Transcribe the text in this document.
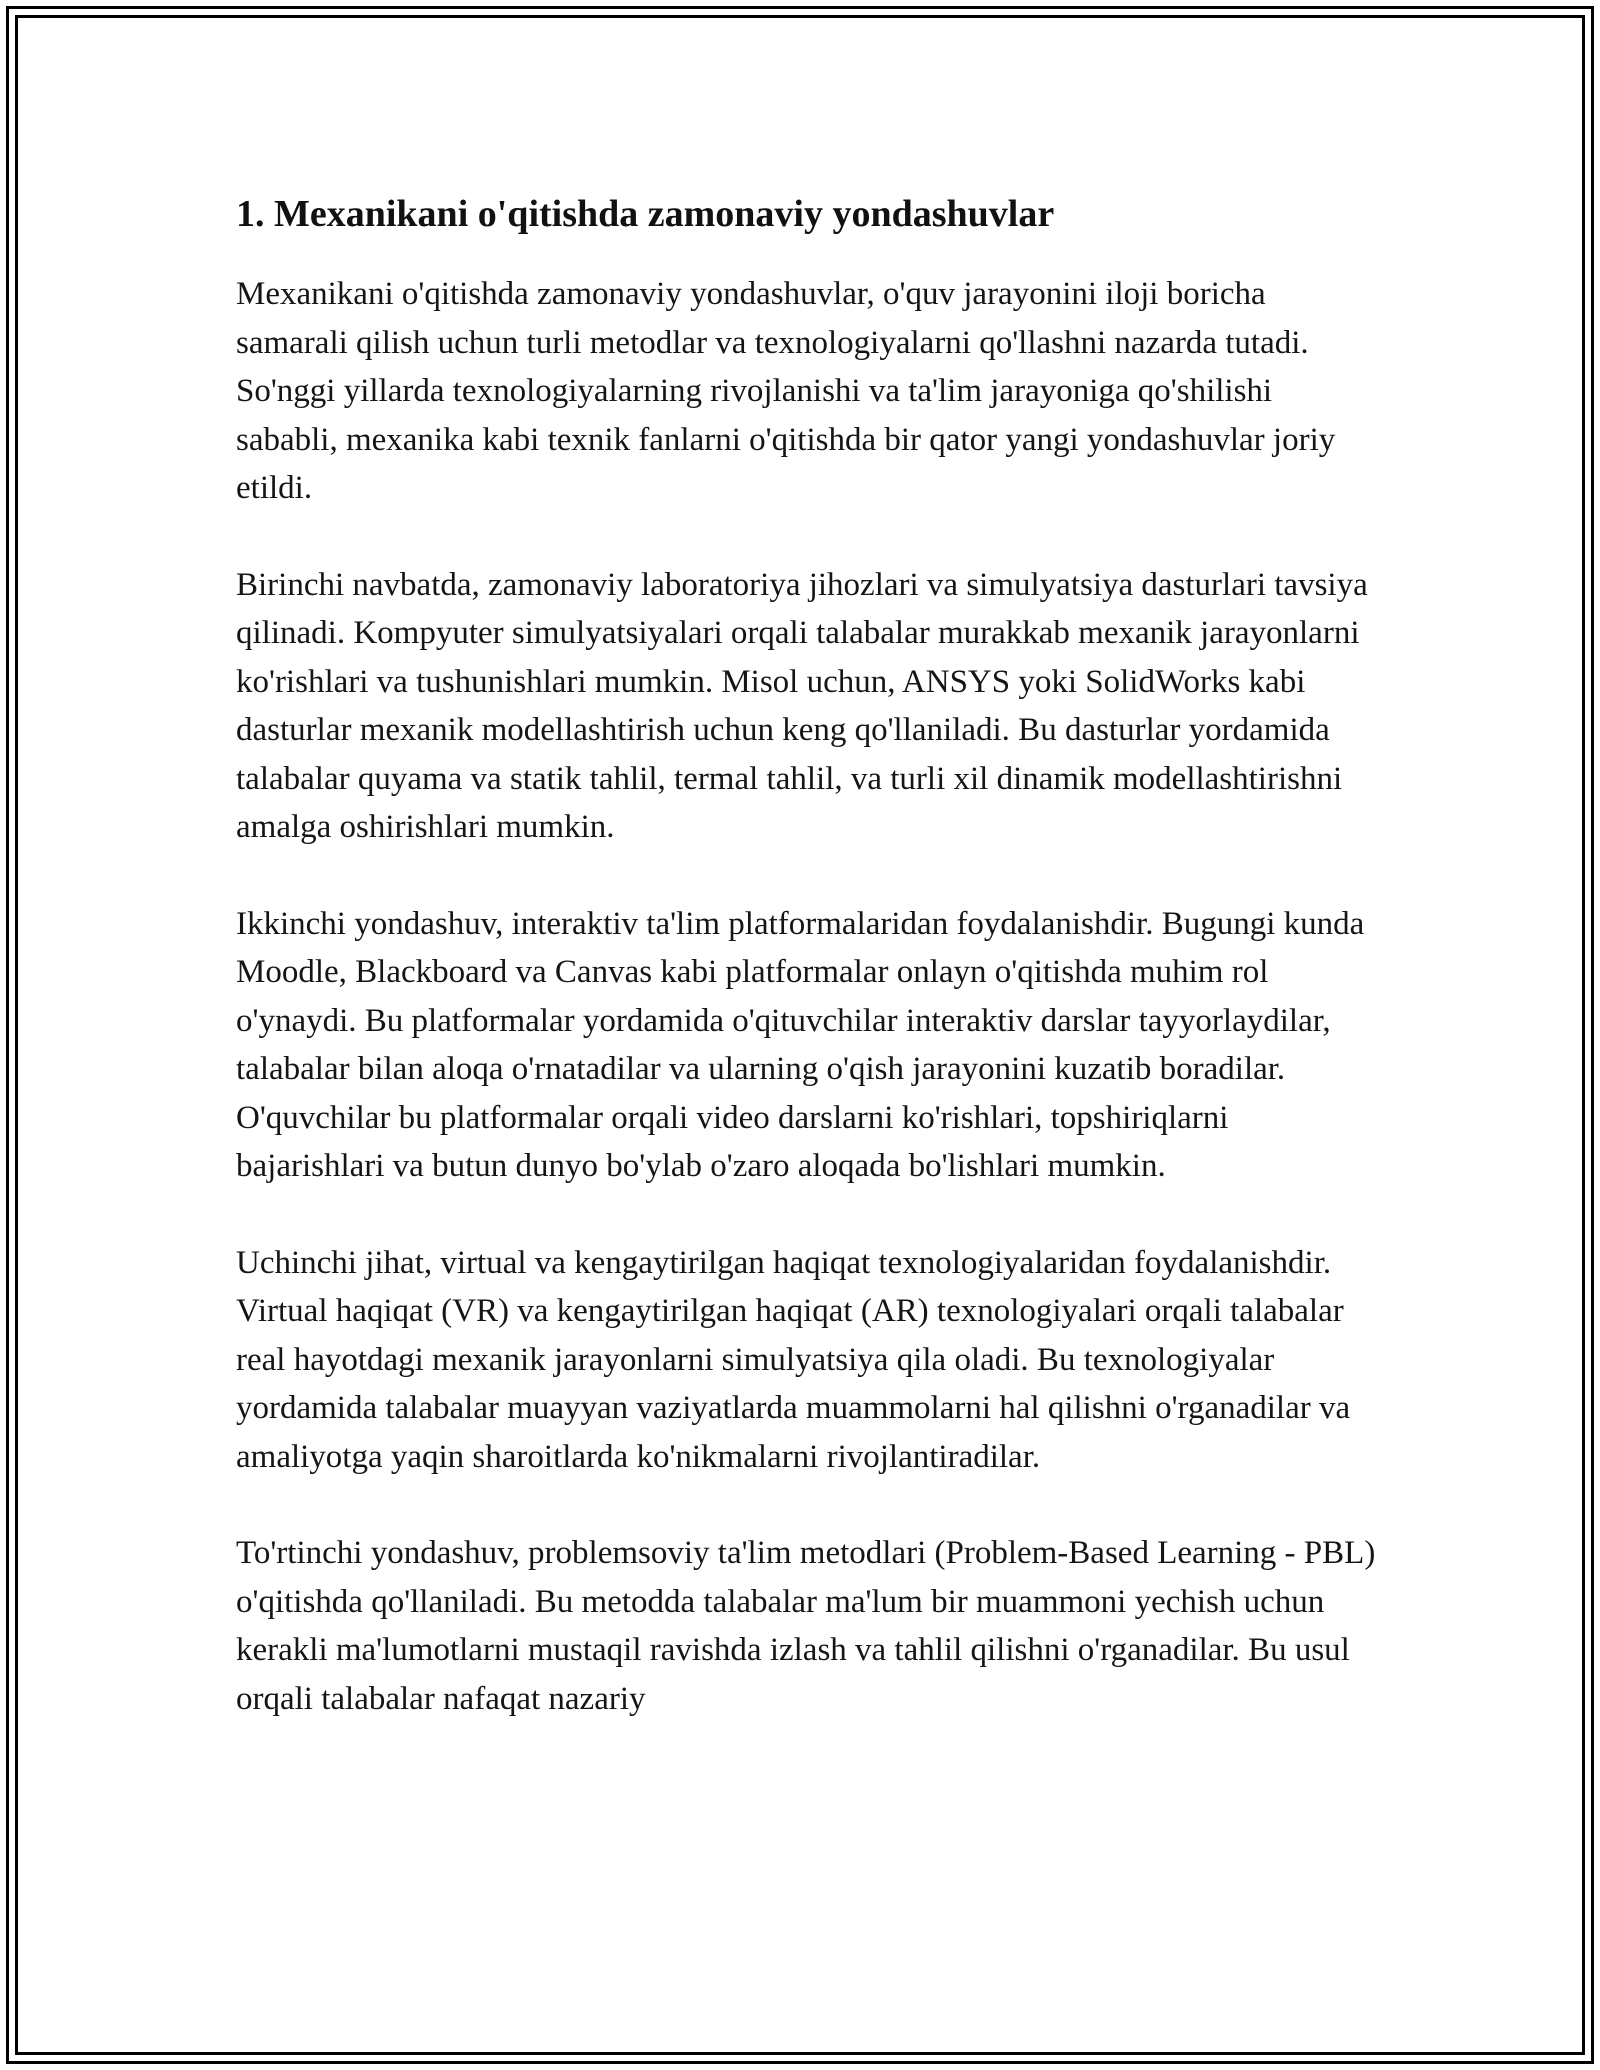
1. Mexanikani o'qitishda zamonaviy yondashuvlar

Mexanikani o'qitishda zamonaviy yondashuvlar, o'quv jarayonini iloji boricha samarali qilish uchun turli metodlar va texnologiyalarni qo'llashni nazarda tutadi. So'nggi yillarda texnologiyalarning rivojlanishi va ta'lim jarayoniga qo'shilishi sababli, mexanika kabi texnik fanlarni o'qitishda bir qator yangi yondashuvlar joriy etildi.

Birinchi navbatda, zamonaviy laboratoriya jihozlari va simulyatsiya dasturlari tavsiya qilinadi. Kompyuter simulyatsiyalari orqali talabalar murakkab mexanik jarayonlarni ko'rishlari va tushunishlari mumkin. Misol uchun, ANSYS yoki SolidWorks kabi dasturlar mexanik modellashtirish uchun keng qo'llaniladi. Bu dasturlar yordamida talabalar quyama va statik tahlil, termal tahlil, va turli xil dinamik modellashtirishni amalga oshirishlari mumkin.

Ikkinchi yondashuv, interaktiv ta'lim platformalaridan foydalanishdir. Bugungi kunda Moodle, Blackboard va Canvas kabi platformalar onlayn o'qitishda muhim rol o'ynaydi. Bu platformalar yordamida o'qituvchilar interaktiv darslar tayyorlaydilar, talabalar bilan aloqa o'rnatadilar va ularning o'qish jarayonini kuzatib boradilar. O'quvchilar bu platformalar orqali video darslarni ko'rishlari, topshiriqlarni bajarishlari va butun dunyo bo'ylab o'zaro aloqada bo'lishlari mumkin.

Uchinchi jihat, virtual va kengaytirilgan haqiqat texnologiyalaridan foydalanishdir. Virtual haqiqat (VR) va kengaytirilgan haqiqat (AR) texnologiyalari orqali talabalar real hayotdagi mexanik jarayonlarni simulyatsiya qila oladi. Bu texnologiyalar yordamida talabalar muayyan vaziyatlarda muammolarni hal qilishni o'rganadilar va amaliyotga yaqin sharoitlarda ko'nikmalarni rivojlantiradilar.

To'rtinchi yondashuv, problemsoviy ta'lim metodlari (Problem-Based Learning - PBL) o'qitishda qo'llaniladi. Bu metodda talabalar ma'lum bir muammoni yechish uchun kerakli ma'lumotlarni mustaqil ravishda izlash va tahlil qilishni o'rganadilar. Bu usul orqali talabalar nafaqat nazariy
